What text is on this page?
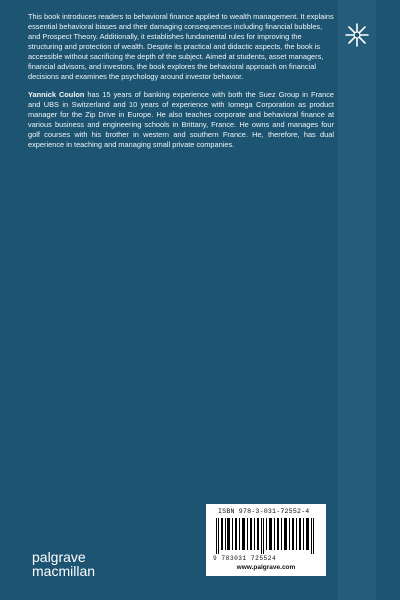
This book introduces readers to behavioral finance applied to wealth management. It explains essential behavioral biases and their damaging consequences including financial bubbles, and Prospect Theory. Additionally, it establishes fundamental rules for improving the structuring and protection of wealth. Despite its practical and didactic aspects, the book is accessible without sacrificing the depth of the subject. Aimed at students, asset managers, financial advisors, and investors, the book explores the behavioral approach on financial decisions and examines the psychology around investor behavior.

Yannick Coulon has 15 years of banking experience with both the Suez Group in France and UBS in Switzerland and 10 years of experience with Iomega Corporation as product manager for the Zip Drive in Europe. He also teaches corporate and behavioral finance at various business and engineering schools in Brittany, France. He owns and manages four golf courses with his brother in western and southern France. He, therefore, has dual experience in teaching and managing small private companies.

ISBN 978-3-031-72552-4
9 783031 725524
www.palgrave.com
palgrave
macmillan
